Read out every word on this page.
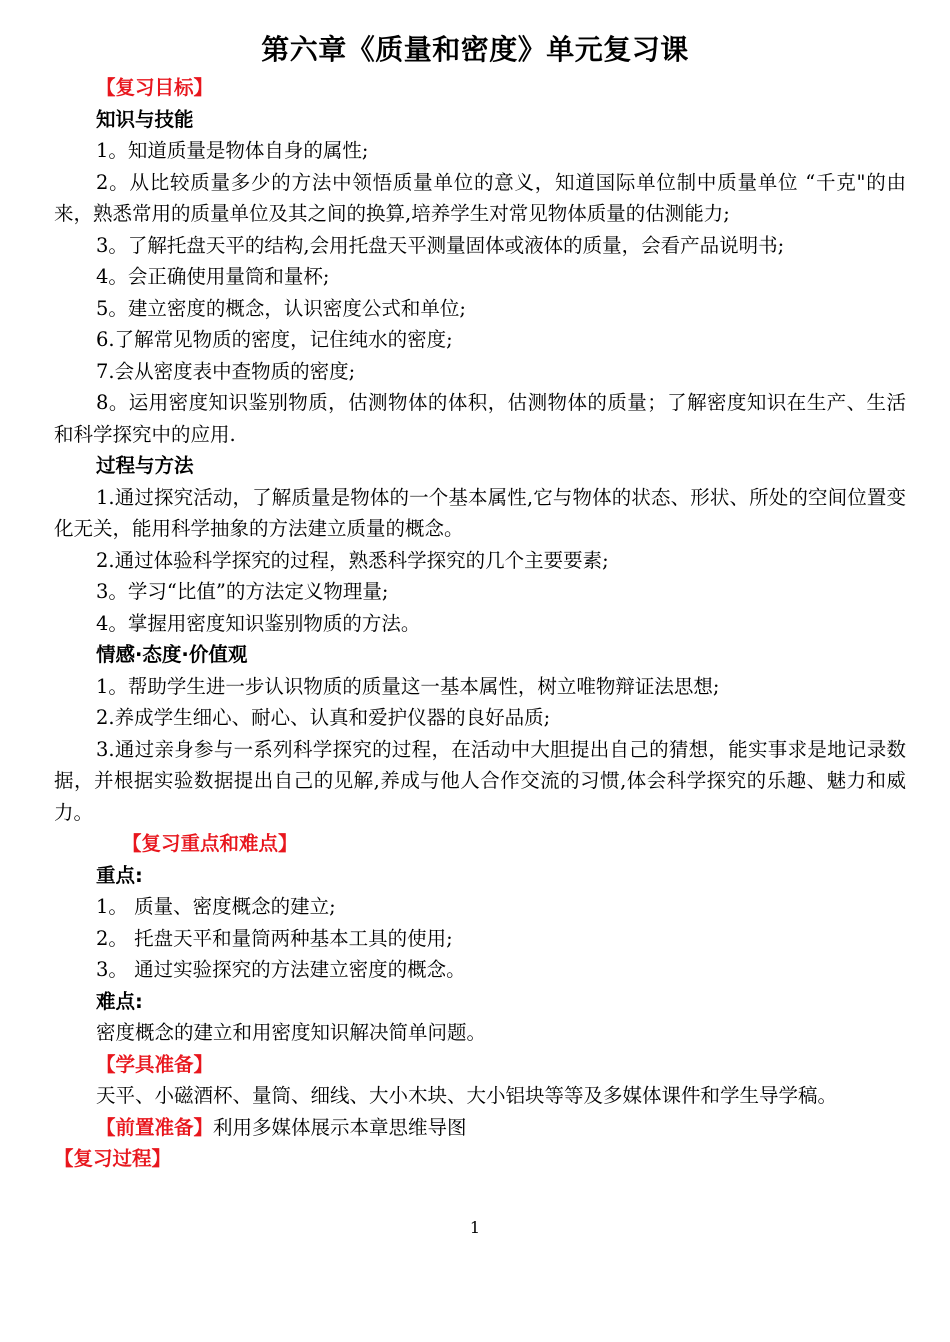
第六章《质量和密度》单元复习课

【复习目标】

知识与技能

1。知道质量是物体自身的属性;

2。从比较质量多少的方法中领悟质量单位的意义，知道国际单位制中质量单位 “千克"的由来，熟悉常用的质量单位及其之间的换算,培养学生对常见物体质量的估测能力;

3。了解托盘天平的结构,会用托盘天平测量固体或液体的质量，会看产品说明书;

4。会正确使用量筒和量杯;

5。建立密度的概念，认识密度公式和单位;

6.了解常见物质的密度，记住纯水的密度;

7.会从密度表中查物质的密度;

8。运用密度知识鉴别物质，估测物体的体积，估测物体的质量；了解密度知识在生产、生活和科学探究中的应用.

过程与方法

1.通过探究活动，了解质量是物体的一个基本属性,它与物体的状态、形状、所处的空间位置变化无关，能用科学抽象的方法建立质量的概念。

2.通过体验科学探究的过程，熟悉科学探究的几个主要要素;

3。学习“比值”的方法定义物理量;

4。掌握用密度知识鉴别物质的方法。

情感·态度·价值观

1。帮助学生进一步认识物质的质量这一基本属性，树立唯物辩证法思想;

2.养成学生细心、耐心、认真和爱护仪器的良好品质;

3.通过亲身参与一系列科学探究的过程，在活动中大胆提出自己的猜想，能实事求是地记录数据，并根据实验数据提出自己的见解,养成与他人合作交流的习惯,体会科学探究的乐趣、魅力和威力。

【复习重点和难点】

重点:

1。 质量、密度概念的建立;

2。 托盘天平和量筒两种基本工具的使用;

3。 通过实验探究的方法建立密度的概念。

难点:

密度概念的建立和用密度知识解决简单问题。

【学具准备】

天平、小磁酒杯、量筒、细线、大小木块、大小铝块等等及多媒体课件和学生导学稿。

【前置准备】利用多媒体展示本章思维导图

【复习过程】

1
